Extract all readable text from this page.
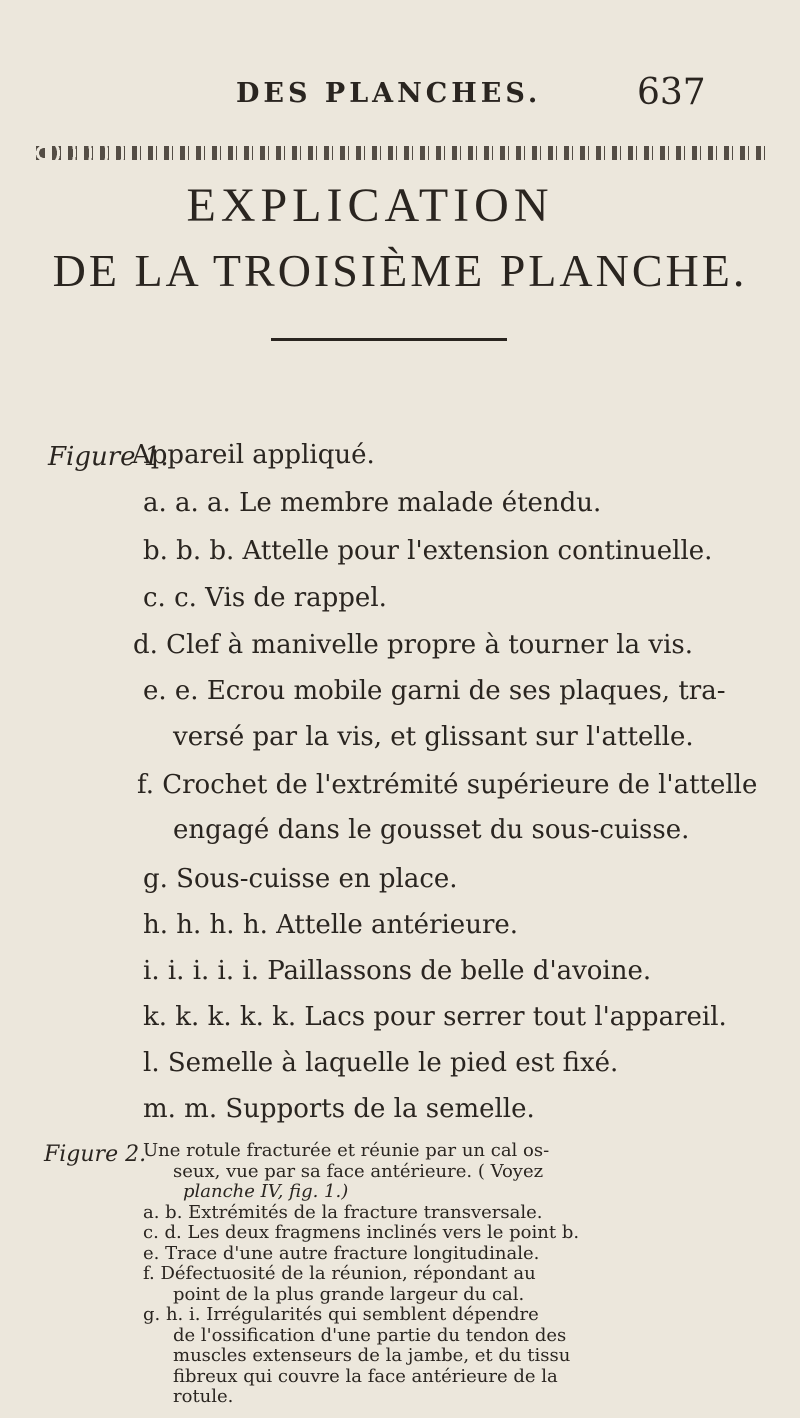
DES PLANCHES.	637
EXPLICATION
DE LA TROISIÈME PLANCHE.
Figure 1.
Appareil appliqué.
a. a. a. Le membre malade étendu.
b. b. b. Attelle pour l'extension continuelle.
c. c. Vis de rappel.
d. Clef à manivelle propre à tourner la vis.
e. e. Ecrou mobile garni de ses plaques, tra-
versé par la vis, et glissant sur l'attelle.
f. Crochet de l'extrémité supérieure de l'attelle
engagé dans le gousset du sous-cuisse.
g. Sous-cuisse en place.
h. h. h. h. Attelle antérieure.
i. i. i. i. i. Paillassons de belle d'avoine.
k. k. k. k. k. Lacs pour serrer tout l'appareil.
l. Semelle à laquelle le pied est fixé.
m. m. Supports de la semelle.
Figure 2.
Une rotule fracturée et réunie par un cal os-
seux, vue par sa face antérieure. ( Voyez
planche IV, fig. 1.)
a. b. Extrémités de la fracture transversale.
c. d. Les deux fragmens inclinés vers le point b.
e. Trace d'une autre fracture longitudinale.
f. Défectuosité de la réunion, répondant au
point de la plus grande largeur du cal.
g. h. i. Irrégularités qui semblent dépendre
de l'ossification d'une partie du tendon des
muscles extenseurs de la jambe, et du tissu
fibreux qui couvre la face antérieure de la
rotule.
